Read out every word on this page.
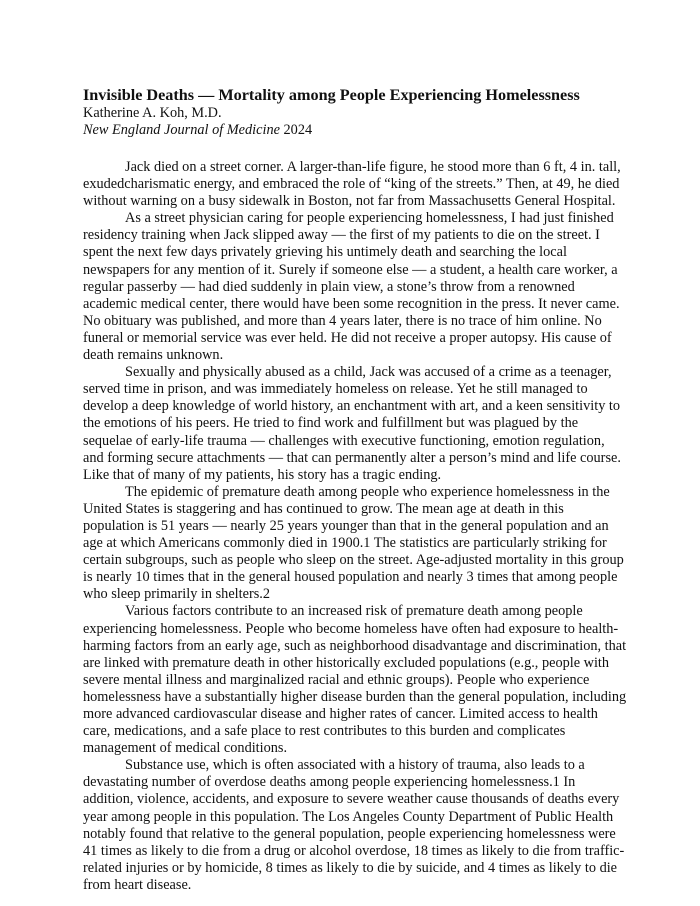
Invisible Deaths — Mortality among People Experiencing Homelessness

Katherine A. Koh, M.D.

New England Journal of Medicine 2024

Jack died on a street corner. A larger-than-life figure, he stood more than 6 ft, 4 in. tall, exudedcharismatic energy, and embraced the role of “king of the streets.” Then, at 49, he died without warning on a busy sidewalk in Boston, not far from Massachusetts General Hospital.

As a street physician caring for people experiencing homelessness, I had just finished residency training when Jack slipped away — the first of my patients to die on the street. I spent the next few days privately grieving his untimely death and searching the local newspapers for any mention of it. Surely if someone else — a student, a health care worker, a regular passerby — had died suddenly in plain view, a stone’s throw from a renowned academic medical center, there would have been some recognition in the press. It never came. No obituary was published, and more than 4 years later, there is no trace of him online. No funeral or memorial service was ever held. He did not receive a proper autopsy. His cause of death remains unknown.

Sexually and physically abused as a child, Jack was accused of a crime as a teenager, served time in prison, and was immediately homeless on release. Yet he still managed to develop a deep knowledge of world history, an enchantment with art, and a keen sensitivity to the emotions of his peers. He tried to find work and fulfillment but was plagued by the sequelae of early-life trauma — challenges with executive functioning, emotion regulation, and forming secure attachments — that can permanently alter a person’s mind and life course. Like that of many of my patients, his story has a tragic ending.

The epidemic of premature death among people who experience homelessness in the United States is staggering and has continued to grow. The mean age at death in this population is 51 years — nearly 25 years younger than that in the general population and an age at which Americans commonly died in 1900.1 The statistics are particularly striking for certain subgroups, such as people who sleep on the street. Age-adjusted mortality in this group is nearly 10 times that in the general housed population and nearly 3 times that among people who sleep primarily in shelters.2

Various factors contribute to an increased risk of premature death among people experiencing homelessness. People who become homeless have often had exposure to health-harming factors from an early age, such as neighborhood disadvantage and discrimination, that are linked with premature death in other historically excluded populations (e.g., people with severe mental illness and marginalized racial and ethnic groups). People who experience homelessness have a substantially higher disease burden than the general population, including more advanced cardiovascular disease and higher rates of cancer. Limited access to health care, medications, and a safe place to rest contributes to this burden and complicates management of medical conditions.

Substance use, which is often associated with a history of trauma, also leads to a devastating number of overdose deaths among people experiencing homelessness.1 In addition, violence, accidents, and exposure to severe weather cause thousands of deaths every year among people in this population. The Los Angeles County Department of Public Health notably found that relative to the general population, people experiencing homelessness were 41 times as likely to die from a drug or alcohol overdose, 18 times as likely to die from traffic-related injuries or by homicide, 8 times as likely to die by suicide, and 4 times as likely to die from heart disease.
